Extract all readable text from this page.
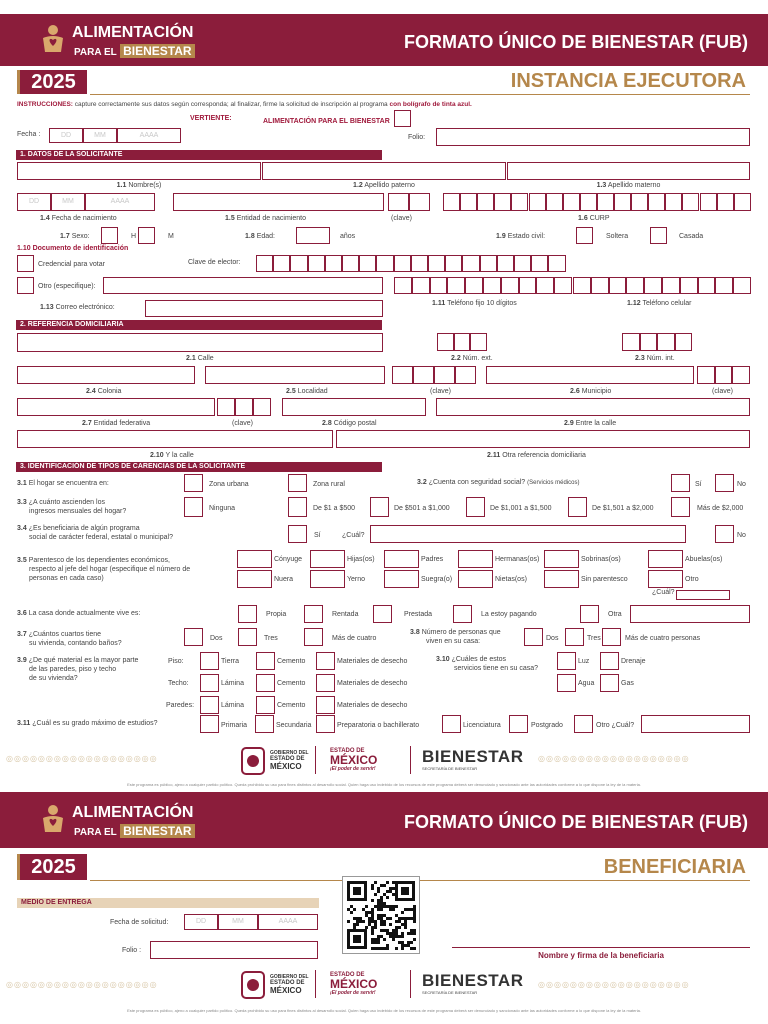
ALIMENTACIÓN
PARA EL BIENESTAR	FORMATO ÚNICO DE BIENESTAR (FUB)
2025	INSTANCIA EJECUTORA
INSTRUCCIONES: capture correctamente sus datos según corresponda; al finalizar, firme la solicitud de inscripción al programa con bolígrafo de tinta azul.
VERTIENTE:	ALIMENTACIÓN PARA EL BIENESTAR
Fecha :	DD	MM	AAAA	Folio:
1. DATOS DE LA SOLICITANTE
1.1 Nombre(s)	1.2 Apellido paterno	1.3 Apellido materno
DD	MM	AAAA
1.4 Fecha de nacimiento	1.5 Entidad de nacimiento	(clave)	1.6 CURP
1.7 Sexo:	H	M	1.8 Edad:	años	1.9 Estado civil:	Soltera	Casada
1.10 Documento de identificación
Credencial para votar	Clave de elector:
Otro (especifique):
1.13 Correo electrónico:
1.11 Teléfono fijo 10 dígitos	1.12 Teléfono celular
2. REFERENCIA DOMICILIARIA
2.1 Calle	2.2 Núm. ext.	2.3 Núm. int.
2.4 Colonia	2.5 Localidad	(clave)	2.6 Municipio	(clave)
2.7 Entidad federativa	(clave)	2.8 Código postal	2.9 Entre la calle
2.10 Y la calle	2.11 Otra referencia domiciliaria
3. IDENTIFICACIÓN DE TIPOS DE CARENCIAS DE LA SOLICITANTE
3.1 El hogar se encuentra en:	Zona urbana	Zona rural	3.2 ¿Cuenta con seguridad social? (Servicios médicos)	Sí	No
3.3 ¿A cuánto ascienden los
ingresos mensuales del hogar?	Ninguna	De $1 a $500	De $501 a $1,000	De $1,001 a $1,500	De $1,501 a $2,000	Más de $2,000
3.4 ¿Es beneficiaria de algún programa
social de carácter federal, estatal o municipal?	Sí	¿Cuál?	No
3.5 Parentesco de los dependientes económicos,
respecto al jefe del hogar (especifique el número de
personas en cada caso)
¿Cuál?
3.6 La casa donde actualmente vive es:	Propia	Rentada	Prestada	La estoy pagando	Otra
3.7 ¿Cuántos cuartos tiene
su vivienda, contando baños?
Dos	Tres	Más de cuatro
3.8 Número de personas que
viven en su casa:	Dos	Tres	Más de cuatro personas
3.9 ¿De qué material es la mayor parte
de las paredes, piso y techo
de su vivienda?
3.10 ¿Cuáles de estos
servicios tiene en su casa?
Luz	Drenaje
Agua	Gas
3.11 ¿Cuál es su grado máximo de estudios?	Primaria	Secundaria	Preparatoria o bachillerato	Licenciatura	Postgrado	Otro ¿Cuál?
◎◎◎◎◎◎◎◎◎◎◎◎◎◎◎◎◎◎◎	◎◎◎◎◎◎◎◎◎◎◎◎◎◎◎◎◎◎◎
GOBIERNO DEL
ESTADO DE
MÉXICO
ESTADO DE
MÉXICO
¡El poder de servir!
BIENESTAR
SECRETARÍA DE BIENESTAR
Este programa es público, ajeno a cualquier partido político. Queda prohibido su uso para fines distintos al desarrollo social. Quien haga uso indebido de los recursos de este programa deberá ser denunciado y sancionado ante las autoridades conforme a lo que dispone la ley de la materia.
ALIMENTACIÓN
PARA EL BIENESTAR	FORMATO ÚNICO DE BIENESTAR (FUB)
2025	BENEFICIARIA
MEDIO DE ENTREGA
Fecha de solicitud:	DD	MM	AAAA
Folio :
Nombre y firma de la beneficiaria
◎◎◎◎◎◎◎◎◎◎◎◎◎◎◎◎◎◎◎	◎◎◎◎◎◎◎◎◎◎◎◎◎◎◎◎◎◎◎
GOBIERNO DEL
ESTADO DE
MÉXICO
ESTADO DE
MÉXICO
¡El poder de servir!
BIENESTAR
SECRETARÍA DE BIENESTAR
Este programa es público, ajeno a cualquier partido político. Queda prohibido su uso para fines distintos al desarrollo social. Quien haga uso indebido de los recursos de este programa deberá ser denunciado y sancionado ante las autoridades conforme a lo que dispone la ley de la materia.
Cónyuge	Hijas(os)	Padres	Hermanas(os)	Sobrinas(os)	Abuelas(os)
Nuera	Yerno	Suegra(o)	Nietas(os)	Sin parentesco	Otro
Piso:	Tierra	Cemento	Materiales de desecho
Techo:	Lámina	Cemento	Materiales de desecho
Paredes:	Lámina	Cemento	Materiales de desecho
